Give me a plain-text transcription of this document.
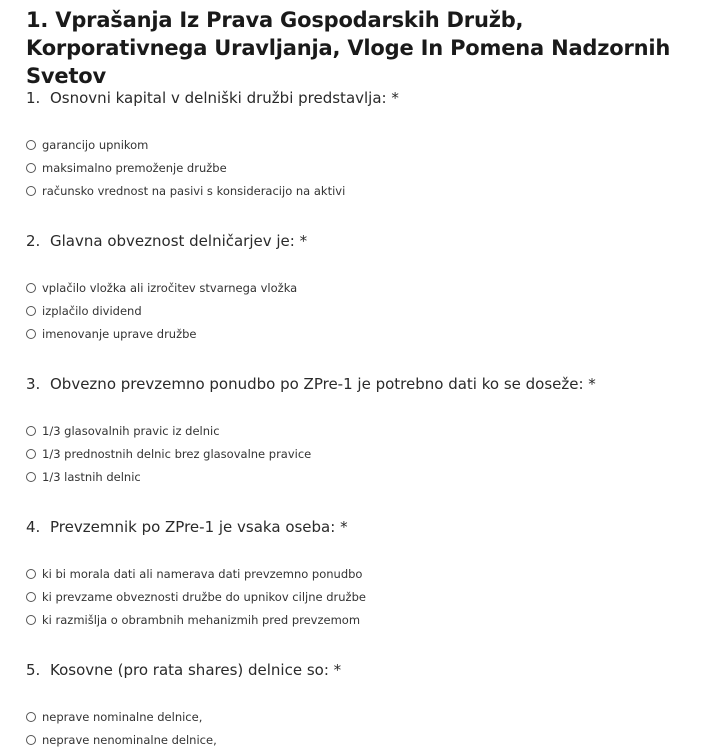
1. Vprašanja Iz Prava Gospodarskih Družb, Korporativnega Uravljanja, Vloge In Pomena Nadzornih Svetov
1. Osnovni kapital v delniški družbi predstavlja: *
garancijo upnikom
maksimalno premoženje družbe
računsko vrednost na pasivi s konsideracijo na aktivi
2. Glavna obveznost delničarjev je: *
vplačilo vložka ali izročitev stvarnega vložka
izplačilo dividend
imenovanje uprave družbe
3. Obvezno prevzemno ponudbo po ZPre-1 je potrebno dati ko se doseže: *
1/3 glasovalnih pravic iz delnic
1/3 prednostnih delnic brez glasovalne pravice
1/3 lastnih delnic
4. Prevzemnik po ZPre-1 je vsaka oseba: *
ki bi morala dati ali namerava dati prevzemno ponudbo
ki prevzame obveznosti družbe do upnikov ciljne družbe
ki razmišlja o obrambnih mehanizmih pred prevzemom
5. Kosovne (pro rata shares) delnice so: *
neprave nominalne delnice,
neprave nenominalne delnice,
